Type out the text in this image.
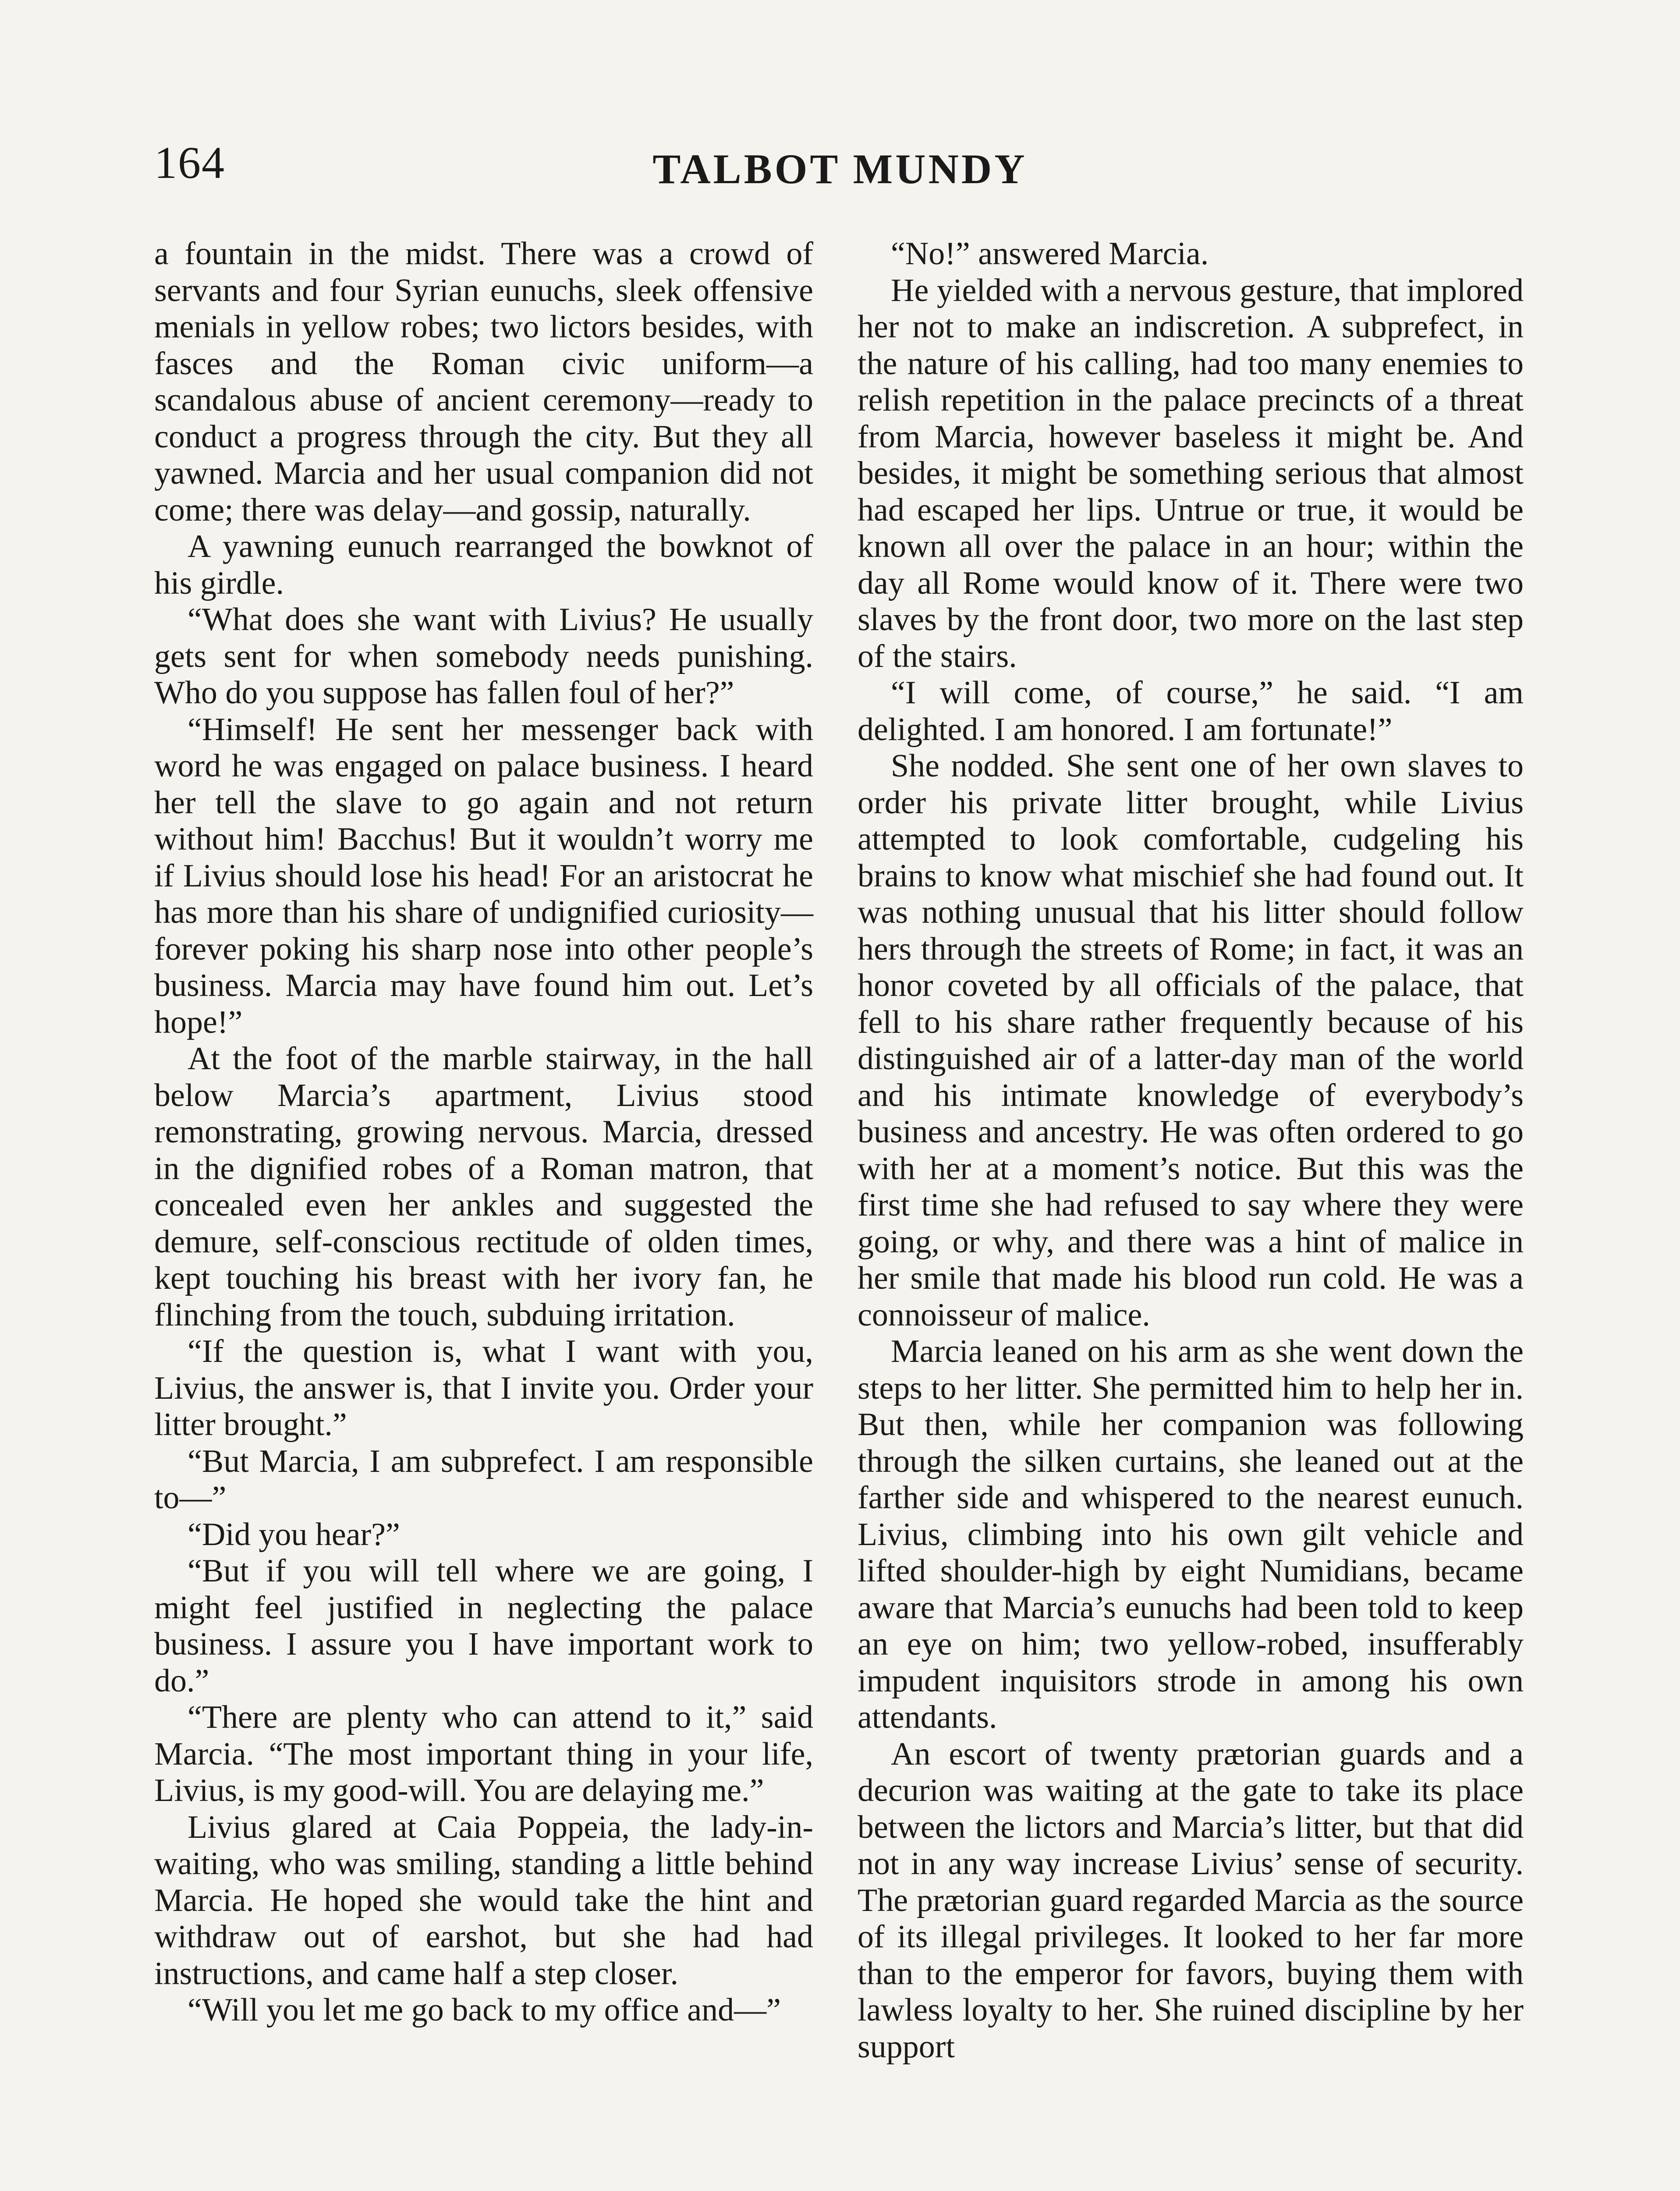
164	TALBOT MUNDY

a fountain in the midst. There was a crowd of servants and four Syrian eunuchs, sleek offensive menials in yellow robes; two lictors besides, with fasces and the Roman civic uniform—a scandalous abuse of ancient ceremony—ready to conduct a progress through the city. But they all yawned. Marcia and her usual companion did not come; there was delay—and gossip, naturally.

A yawning eunuch rearranged the bowknot of his girdle.

“What does she want with Livius? He usually gets sent for when somebody needs punishing. Who do you suppose has fallen foul of her?”

“Himself! He sent her messenger back with word he was engaged on palace business. I heard her tell the slave to go again and not return without him! Bacchus! But it wouldn’t worry me if Livius should lose his head! For an aristocrat he has more than his share of undignified curiosity—forever poking his sharp nose into other people’s business. Marcia may have found him out. Let’s hope!”

At the foot of the marble stairway, in the hall below Marcia’s apartment, Livius stood remonstrating, growing nervous. Marcia, dressed in the dignified robes of a Roman matron, that concealed even her ankles and suggested the demure, self-conscious rectitude of olden times, kept touching his breast with her ivory fan, he flinching from the touch, subduing irritation.

“If the question is, what I want with you, Livius, the answer is, that I invite you. Order your litter brought.”

“But Marcia, I am subprefect. I am responsible to—”

“Did you hear?”

“But if you will tell where we are going, I might feel justified in neglecting the palace business. I assure you I have important work to do.”

“There are plenty who can attend to it,” said Marcia. “The most important thing in your life, Livius, is my good-will. You are delaying me.”

Livius glared at Caia Poppeia, the lady-in-waiting, who was smiling, standing a little behind Marcia. He hoped she would take the hint and withdraw out of earshot, but she had had instructions, and came half a step closer.

“Will you let me go back to my office and—”

“No!” answered Marcia.

He yielded with a nervous gesture, that implored her not to make an indiscretion. A subprefect, in the nature of his calling, had too many enemies to relish repetition in the palace precincts of a threat from Marcia, however baseless it might be. And besides, it might be something serious that almost had escaped her lips. Untrue or true, it would be known all over the palace in an hour; within the day all Rome would know of it. There were two slaves by the front door, two more on the last step of the stairs.

“I will come, of course,” he said. “I am delighted. I am honored. I am fortunate!”

She nodded. She sent one of her own slaves to order his private litter brought, while Livius attempted to look comfortable, cudgeling his brains to know what mischief she had found out. It was nothing unusual that his litter should follow hers through the streets of Rome; in fact, it was an honor coveted by all officials of the palace, that fell to his share rather frequently because of his distinguished air of a latter-day man of the world and his intimate knowledge of everybody’s business and ancestry. He was often ordered to go with her at a moment’s notice. But this was the first time she had refused to say where they were going, or why, and there was a hint of malice in her smile that made his blood run cold. He was a connoisseur of malice.

Marcia leaned on his arm as she went down the steps to her litter. She permitted him to help her in. But then, while her companion was following through the silken curtains, she leaned out at the farther side and whispered to the nearest eunuch. Livius, climbing into his own gilt vehicle and lifted shoulder-high by eight Numidians, became aware that Marcia’s eunuchs had been told to keep an eye on him; two yellow-robed, insufferably impudent inquisitors strode in among his own attendants.

An escort of twenty prætorian guards and a decurion was waiting at the gate to take its place between the lictors and Marcia’s litter, but that did not in any way increase Livius’ sense of security. The prætorian guard regarded Marcia as the source of its illegal privileges. It looked to her far more than to the emperor for favors, buying them with lawless loyalty to her. She ruined discipline by her support
